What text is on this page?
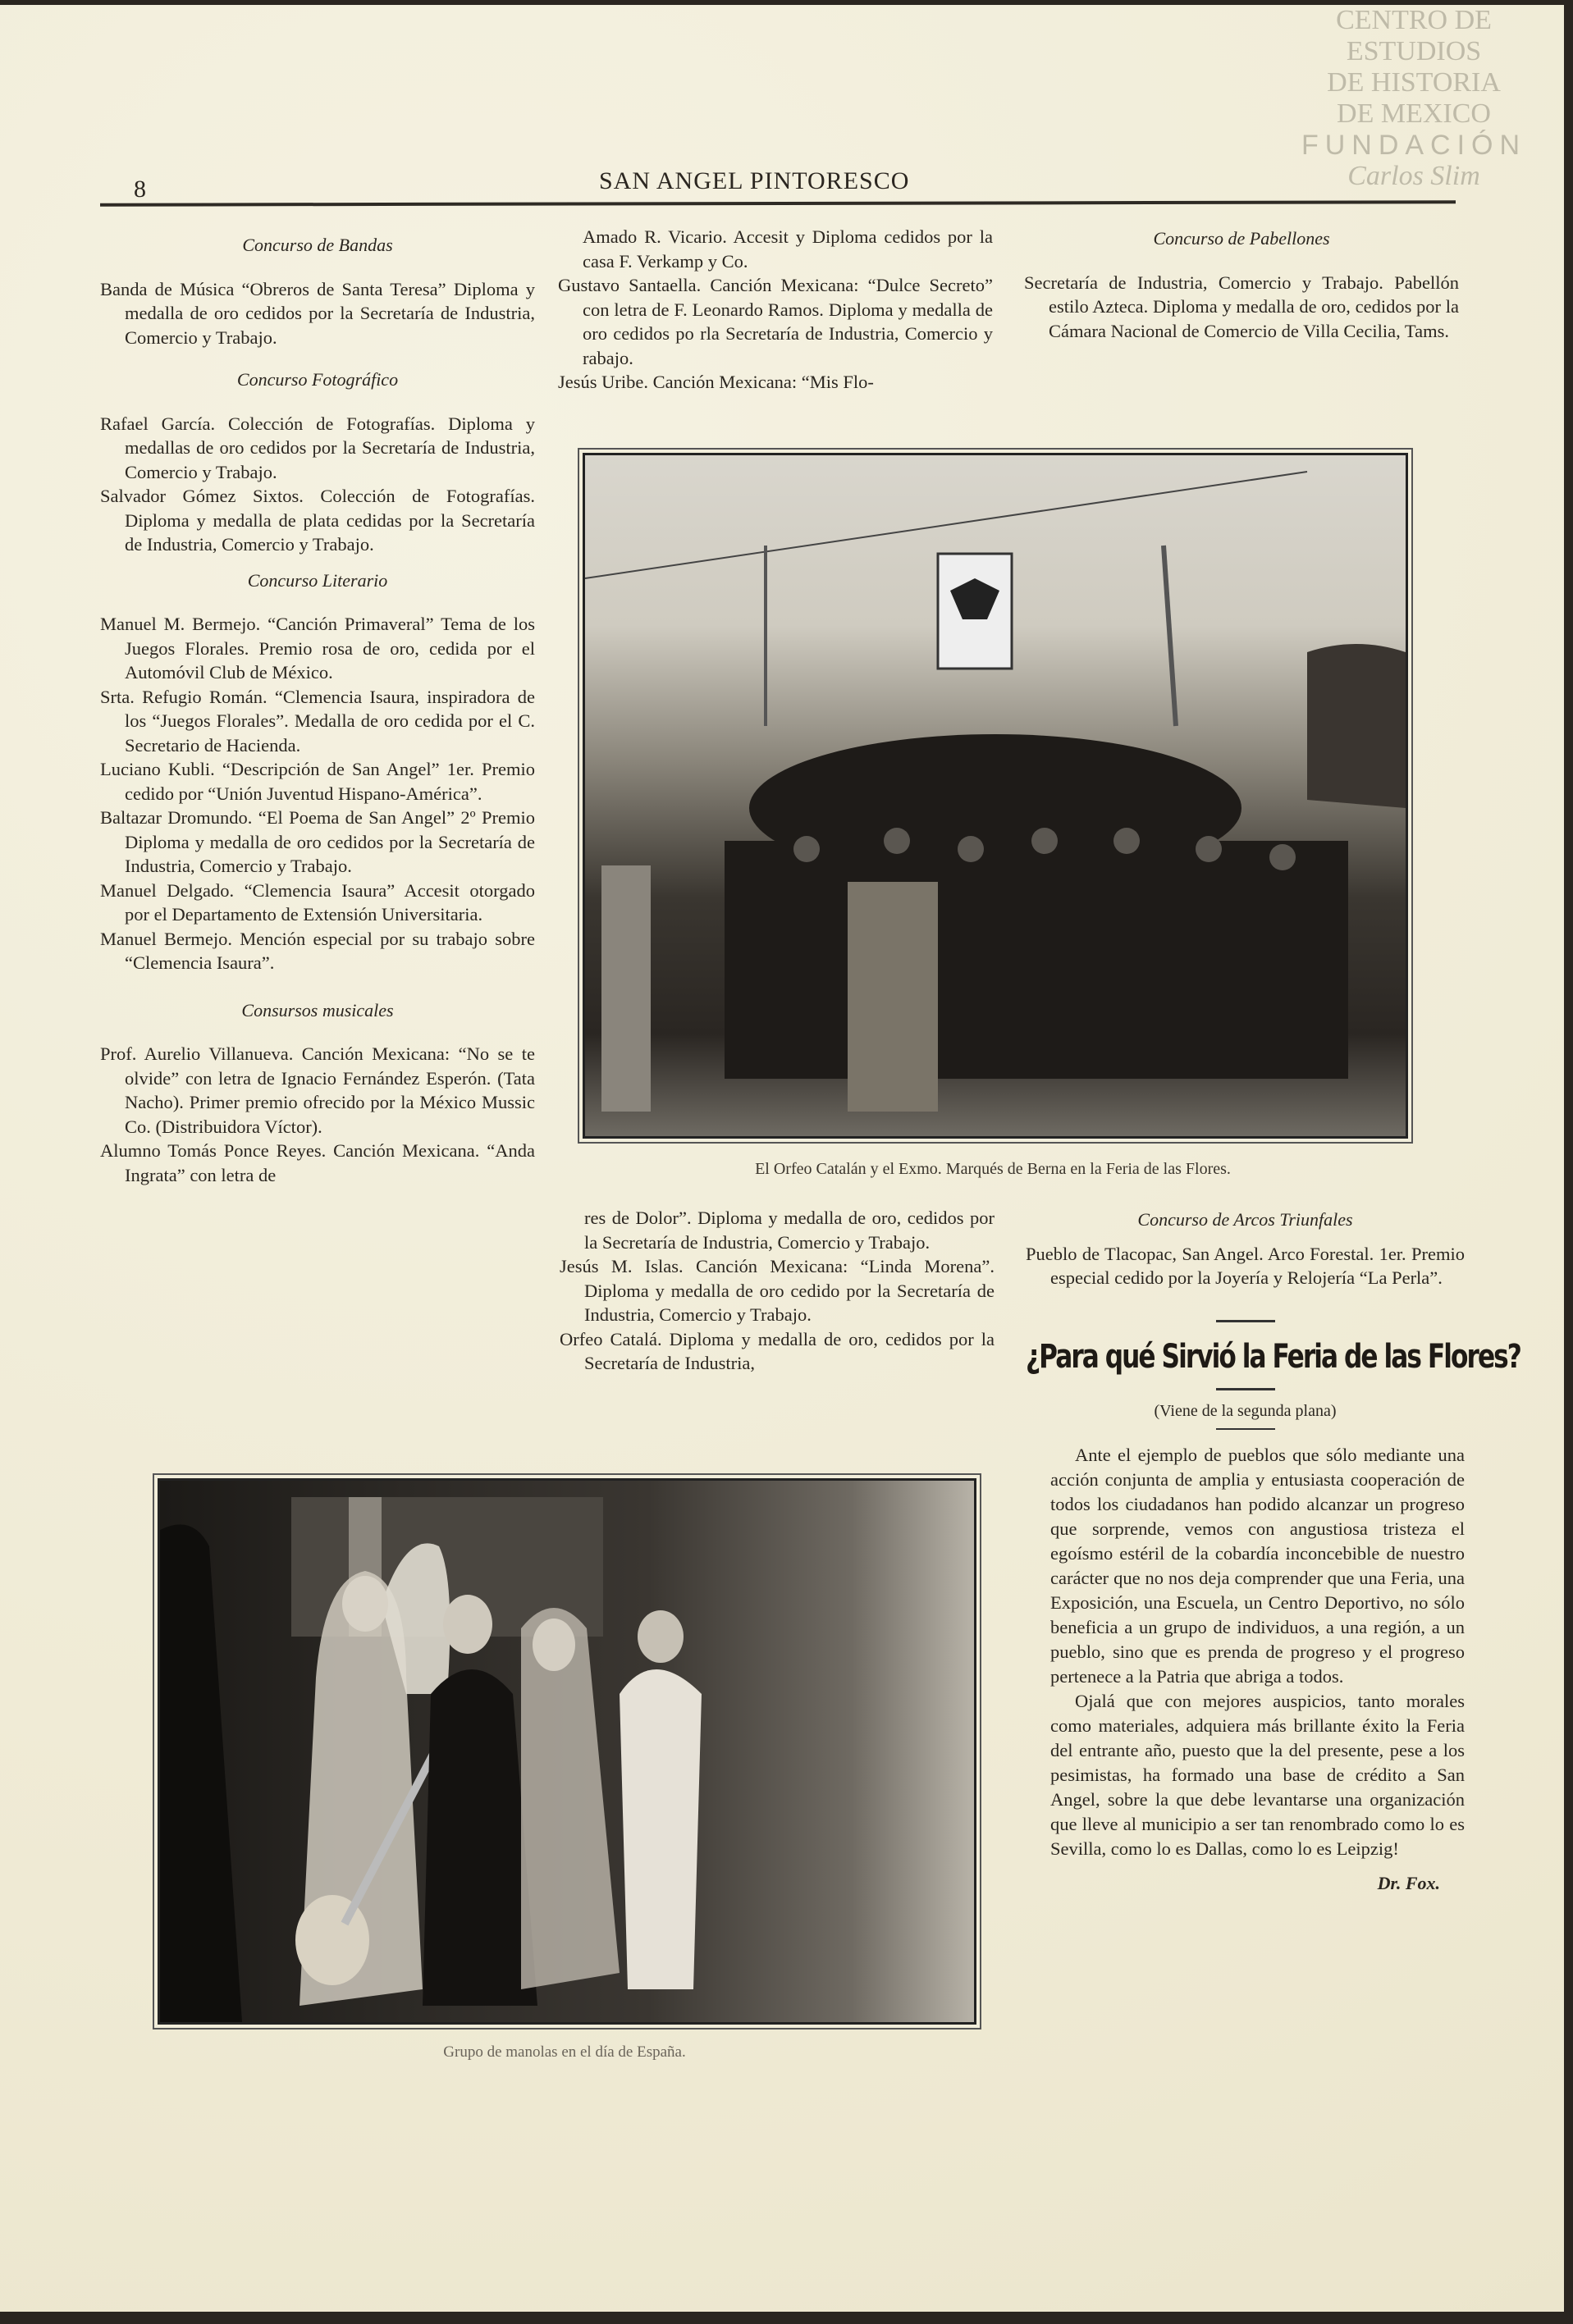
CENTRO DE
ESTUDIOS
DE HISTORIA
DE MEXICO
FUNDACIÓN
Carlos Slim
8	SAN ANGEL PINTORESCO
Concurso de Bandas

Banda de Música “Obreros de Santa Teresa” Diploma y medalla de oro cedidos por la Secretaría de Industria, Comercio y Trabajo.

Concurso Fotográfico

Rafael García. Colección de Fotografías. Diploma y medallas de oro cedidos por la Secretaría de Industria, Comercio y Trabajo.

Salvador Gómez Sixtos. Colección de Fotografías. Diploma y medalla de plata cedidas por la Secretaría de Industria, Comercio y Trabajo.

Concurso Literario

Manuel M. Bermejo. “Canción Primaveral” Tema de los Juegos Florales. Premio rosa de oro, cedida por el Automóvil Club de México.

Srta. Refugio Román. “Clemencia Isaura, inspiradora de los “Juegos Florales”. Medalla de oro cedida por el C. Secretario de Hacienda.

Luciano Kubli. “Descripción de San Angel” 1er. Premio cedido por “Unión Juventud Hispano-América”.

Baltazar Dromundo. “El Poema de San Angel” 2º Premio Diploma y medalla de oro cedidos por la Secretaría de Industria, Comercio y Trabajo.

Manuel Delgado. “Clemencia Isaura” Accesit otorgado por el Departamento de Extensión Universitaria.

Manuel Bermejo. Mención especial por su trabajo sobre “Clemencia Isaura”.

Consursos musicales

Prof. Aurelio Villanueva. Canción Mexicana: “No se te olvide” con letra de Ignacio Fernández Esperón. (Tata Nacho). Primer premio ofrecido por la México Mussic Co. (Distribuidora Víctor).

Alumno Tomás Ponce Reyes. Canción Mexicana. “Anda Ingrata” con letra de

Amado R. Vicario. Accesit y Diploma cedidos por la casa F. Verkamp y Co.

Gustavo Santaella. Canción Mexicana: “Dulce Secreto” con letra de F. Leonardo Ramos. Diploma y medalla de oro cedidos po rla Secretaría de Industria, Comercio y rabajo.

Jesús Uribe. Canción Mexicana: “Mis Flo-

Concurso de Pabellones

Secretaría de Industria, Comercio y Trabajo. Pabellón estilo Azteca. Diploma y medalla de oro, cedidos por la Cámara Nacional de Comercio de Villa Cecilia, Tams.

El Orfeo Catalán y el Exmo. Marqués de Berna en la Feria de las Flores.

res de Dolor”. Diploma y medalla de oro, cedidos por la Secretaría de Industria, Comercio y Trabajo.

Jesús M. Islas. Canción Mexicana: “Linda Morena”. Diploma y medalla de oro cedido por la Secretaría de Industria, Comercio y Trabajo.

Orfeo Catalá. Diploma y medalla de oro, cedidos por la Secretaría de Industria,

Concurso de Arcos Triunfales

Pueblo de Tlacopac, San Angel. Arco Forestal. 1er. Premio especial cedido por la Joyería y Relojería “La Perla”.

¿Para qué Sirvió la Feria de las Flores?
(Viene de la segunda plana)

Ante el ejemplo de pueblos que sólo mediante una acción conjunta de amplia y entusiasta cooperación de todos los ciudadanos han podido alcanzar un progreso que sorprende, vemos con angustiosa tristeza el egoísmo estéril de la cobardía inconcebible de nuestro carácter que no nos deja comprender que una Feria, una Exposición, una Escuela, un Centro Deportivo, no sólo beneficia a un grupo de individuos, a una región, a un pueblo, sino que es prenda de progreso y el progreso pertenece a la Patria que abriga a todos.

Ojalá que con mejores auspicios, tanto morales como materiales, adquiera más brillante éxito la Feria del entrante año, puesto que la del presente, pese a los pesimistas, ha formado una base de crédito a San Angel, sobre la que debe levantarse una organización que lleve al municipio a ser tan renombrado como lo es Sevilla, como lo es Dallas, como lo es Leipzig!

Dr. Fox.
Grupo de manolas en el día de España.
